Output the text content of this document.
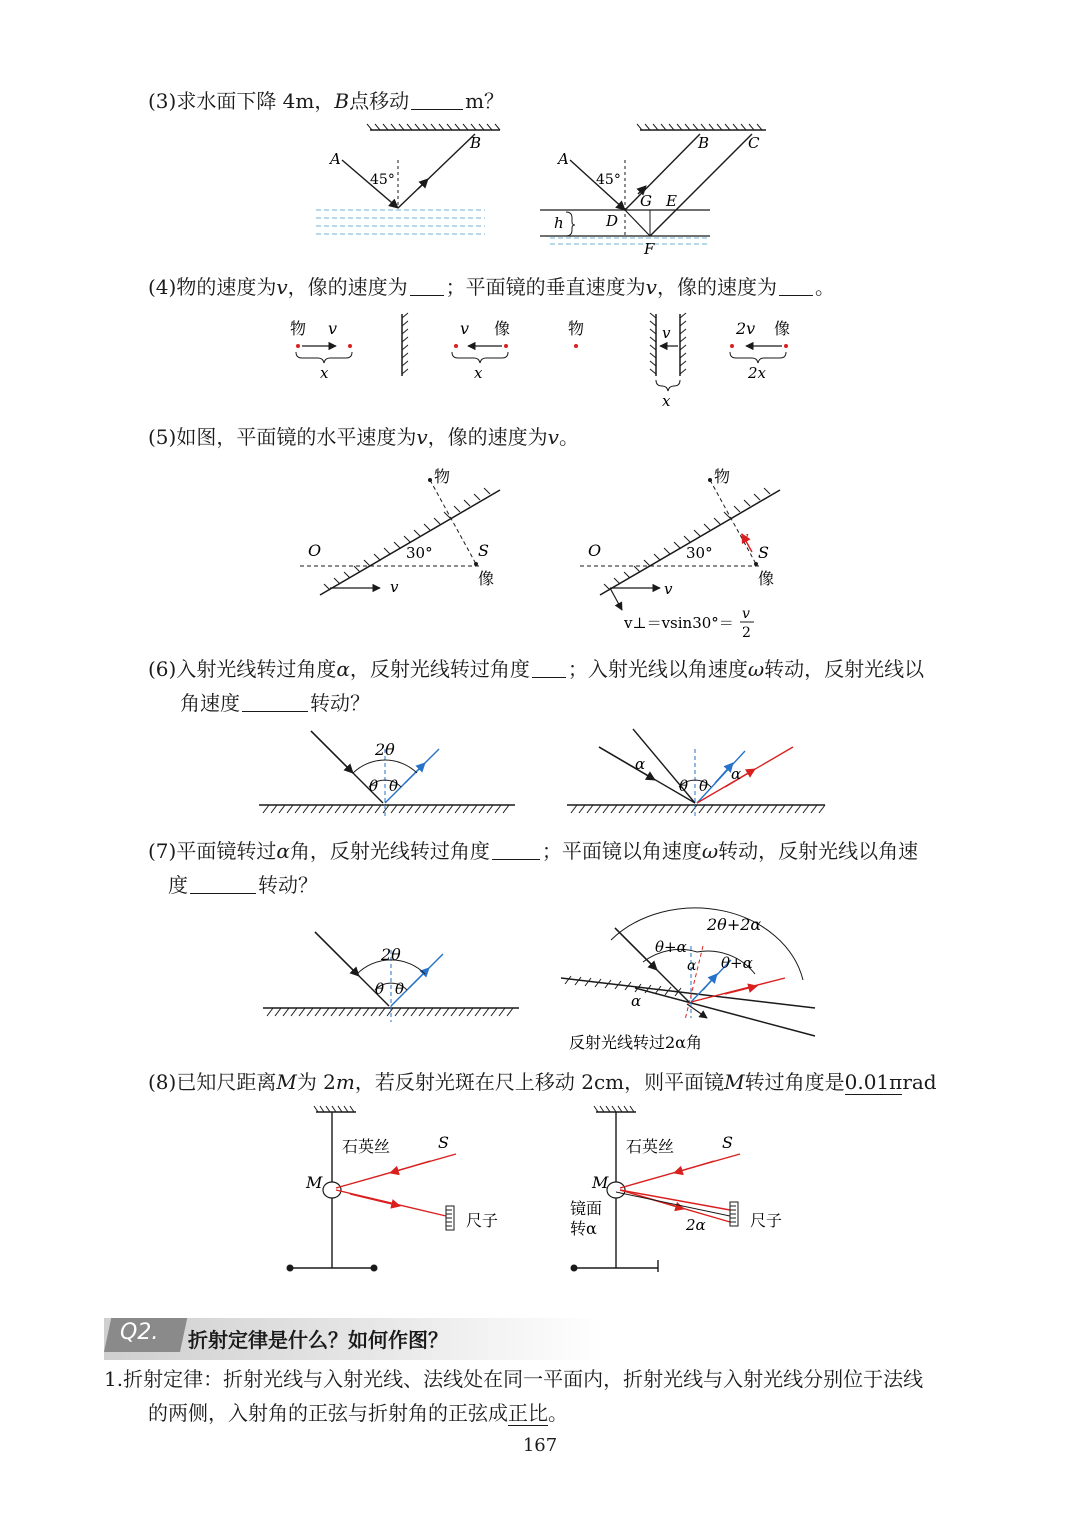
(3)求水面下降 4m，B点移动	m？
A
B
45°
A
B	C
45°
G E
D
F
h
(4)物的速度为v，像的速度为 ；平面镜的垂直速度为v，像的速度为 。
物 v
x
v 像
x
物	v
x
2v 像
2x
(5)如图，平面镜的水平速度为v，像的速度为v。
物
O	S
像
30°
v
物
O	S
像
30°
v
v
v⊥＝vsin30°＝ v
2
(6)入射光线转过角度α，反射光线转过角度 ；入射光线以角速度ω转动，反射光线以
角速度	转动？
2θ
θ θ
α
α
θ θ
(7)平面镜转过α角，反射光线转过角度	；平面镜以角速度ω转动，反射光线以角速
度	转动？
2θ
θ θ
2θ+2α
θ+α
θ+α
α
α
反射光线转过2α角
(8)已知尺距离M为 2m，若反射光斑在尺上移动 2cm，则平面镜M转过角度是0.01πrad
石英丝	S
M
尺子
石英丝	S
M
镜面
转α	2α	尺子
Q2. 折射定律是什么？如何作图？
1.折射定律：折射光线与入射光线、法线处在同一平面内，折射光线与入射光线分别位于法线
的两侧，入射角的正弦与折射角的正弦成正比。
167
